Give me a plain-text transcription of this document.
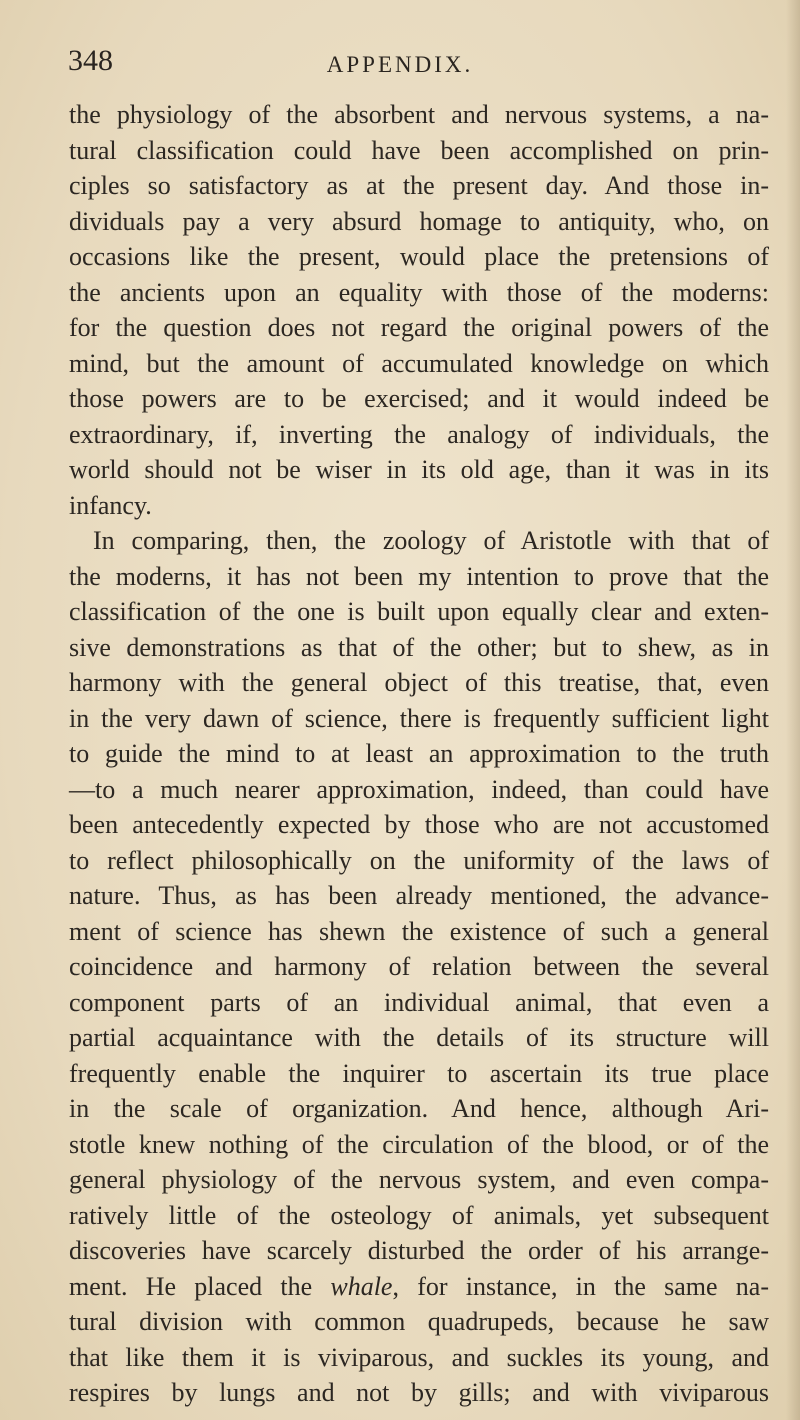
348	APPENDIX.
the physiology of the absorbent and nervous systems, a na-
tural classification could have been accomplished on prin-
ciples so satisfactory as at the present day. And those in-
dividuals pay a very absurd homage to antiquity, who, on
occasions like the present, would place the pretensions of
the ancients upon an equality with those of the moderns:
for the question does not regard the original powers of the
mind, but the amount of accumulated knowledge on which
those powers are to be exercised; and it would indeed be
extraordinary, if, inverting the analogy of individuals, the
world should not be wiser in its old age, than it was in its
infancy.
In comparing, then, the zoology of Aristotle with that of
the moderns, it has not been my intention to prove that the
classification of the one is built upon equally clear and exten-
sive demonstrations as that of the other; but to shew, as in
harmony with the general object of this treatise, that, even
in the very dawn of science, there is frequently sufficient light
to guide the mind to at least an approximation to the truth
—to a much nearer approximation, indeed, than could have
been antecedently expected by those who are not accustomed
to reflect philosophically on the uniformity of the laws of
nature. Thus, as has been already mentioned, the advance-
ment of science has shewn the existence of such a general
coincidence and harmony of relation between the several
component parts of an individual animal, that even a
partial acquaintance with the details of its structure will
frequently enable the inquirer to ascertain its true place
in the scale of organization. And hence, although Ari-
stotle knew nothing of the circulation of the blood, or of the
general physiology of the nervous system, and even compa-
ratively little of the osteology of animals, yet subsequent
discoveries have scarcely disturbed the order of his arrange-
ment. He placed the whale, for instance, in the same na-
tural division with common quadrupeds, because he saw
that like them it is viviparous, and suckles its young, and
respires by lungs and not by gills; and with viviparous
